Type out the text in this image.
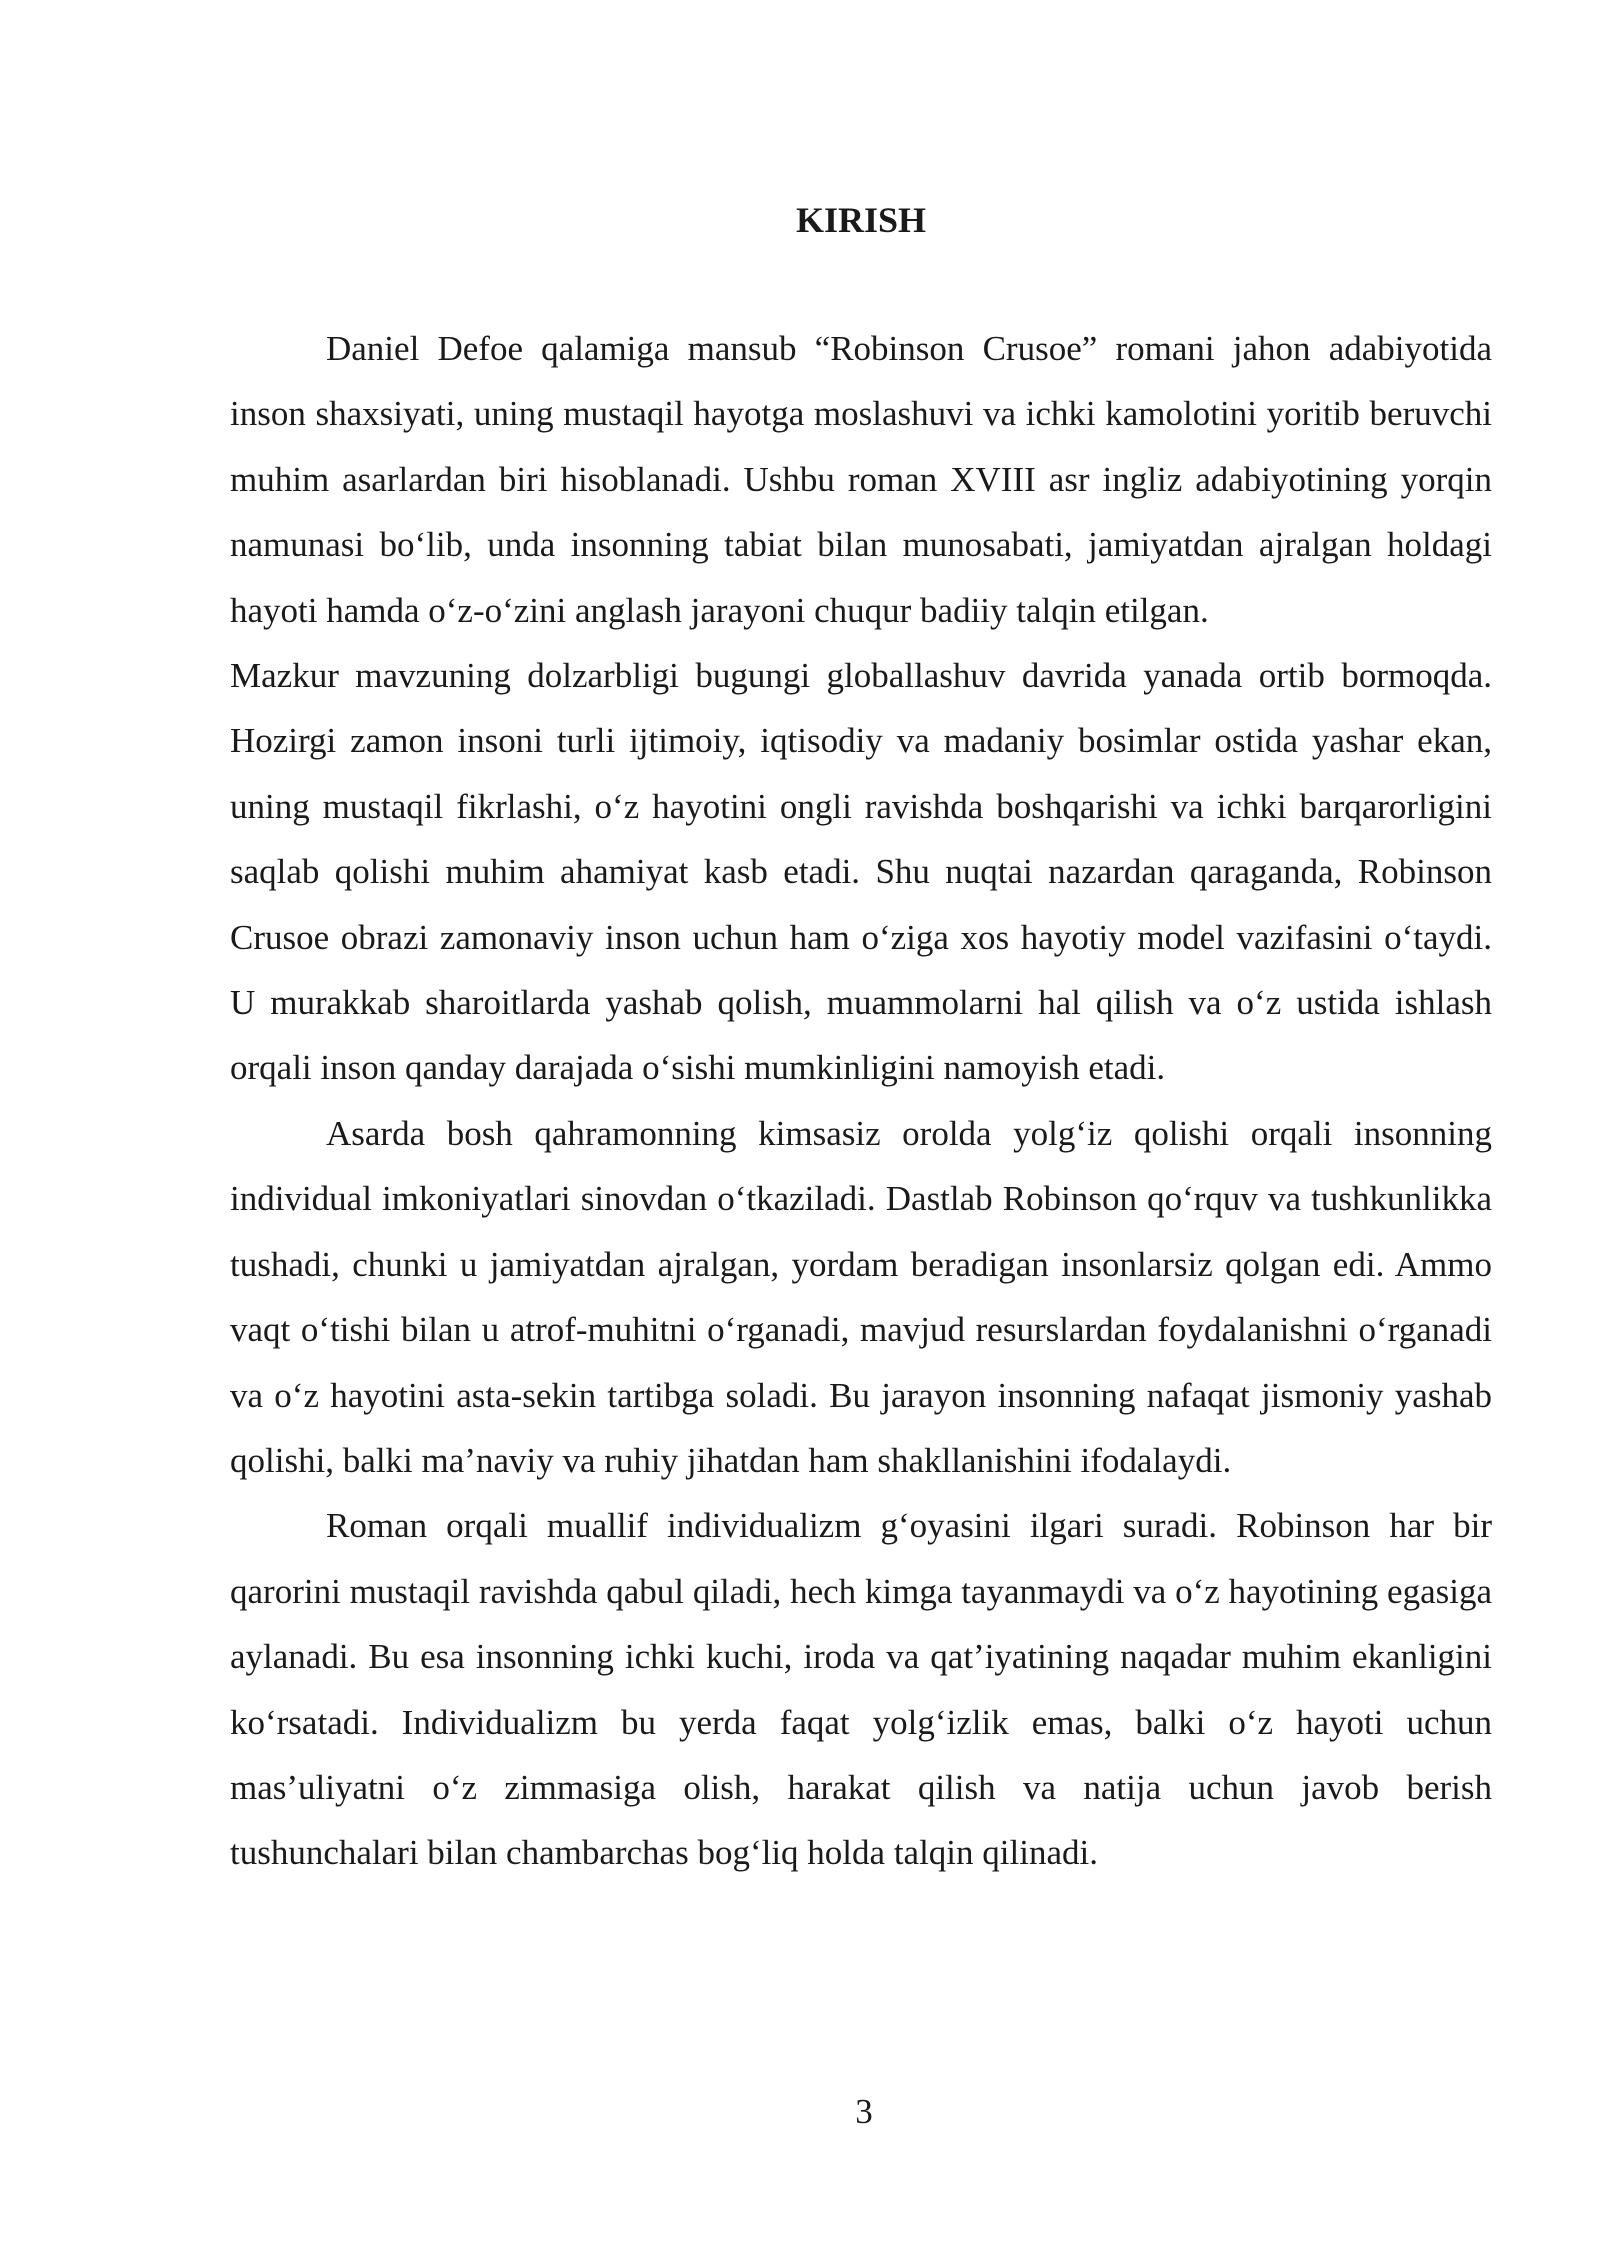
KIRISH

Daniel Defoe qalamiga mansub “Robinson Crusoe” romani jahon adabiyotida inson shaxsiyati, uning mustaqil hayotga moslashuvi va ichki kamolotini yoritib beruvchi muhim asarlardan biri hisoblanadi. Ushbu roman XVIII asr ingliz adabiyotining yorqin namunasi bo‘lib, unda insonning tabiat bilan munosabati, jamiyatdan ajralgan holdagi hayoti hamda o‘z-o‘zini anglash jarayoni chuqur badiiy talqin etilgan.

Mazkur mavzuning dolzarbligi bugungi globallashuv davrida yanada ortib bormoqda. Hozirgi zamon insoni turli ijtimoiy, iqtisodiy va madaniy bosimlar ostida yashar ekan, uning mustaqil fikrlashi, o‘z hayotini ongli ravishda boshqarishi va ichki barqarorligini saqlab qolishi muhim ahamiyat kasb etadi. Shu nuqtai nazardan qaraganda, Robinson Crusoe obrazi zamonaviy inson uchun ham o‘ziga xos hayotiy model vazifasini o‘taydi. U murakkab sharoitlarda yashab qolish, muammolarni hal qilish va o‘z ustida ishlash orqali inson qanday darajada o‘sishi mumkinligini namoyish etadi.

Asarda bosh qahramonning kimsasiz orolda yolg‘iz qolishi orqali insonning individual imkoniyatlari sinovdan o‘tkaziladi. Dastlab Robinson qo‘rquv va tushkunlikka tushadi, chunki u jamiyatdan ajralgan, yordam beradigan insonlarsiz qolgan edi. Ammo vaqt o‘tishi bilan u atrof-muhitni o‘rganadi, mavjud resurslardan foydalanishni o‘rganadi va o‘z hayotini asta-sekin tartibga soladi. Bu jarayon insonning nafaqat jismoniy yashab qolishi, balki ma’naviy va ruhiy jihatdan ham shakllanishini ifodalaydi.

Roman orqali muallif individualizm g‘oyasini ilgari suradi. Robinson har bir qarorini mustaqil ravishda qabul qiladi, hech kimga tayanmaydi va o‘z hayotining egasiga aylanadi. Bu esa insonning ichki kuchi, iroda va qat’iyatining naqadar muhim ekanligini ko‘rsatadi. Individualizm bu yerda faqat yolg‘izlik emas, balki o‘z hayoti uchun mas’uliyatni o‘z zimmasiga olish, harakat qilish va natija uchun javob berish tushunchalari bilan chambarchas bog‘liq holda talqin qilinadi.

3
